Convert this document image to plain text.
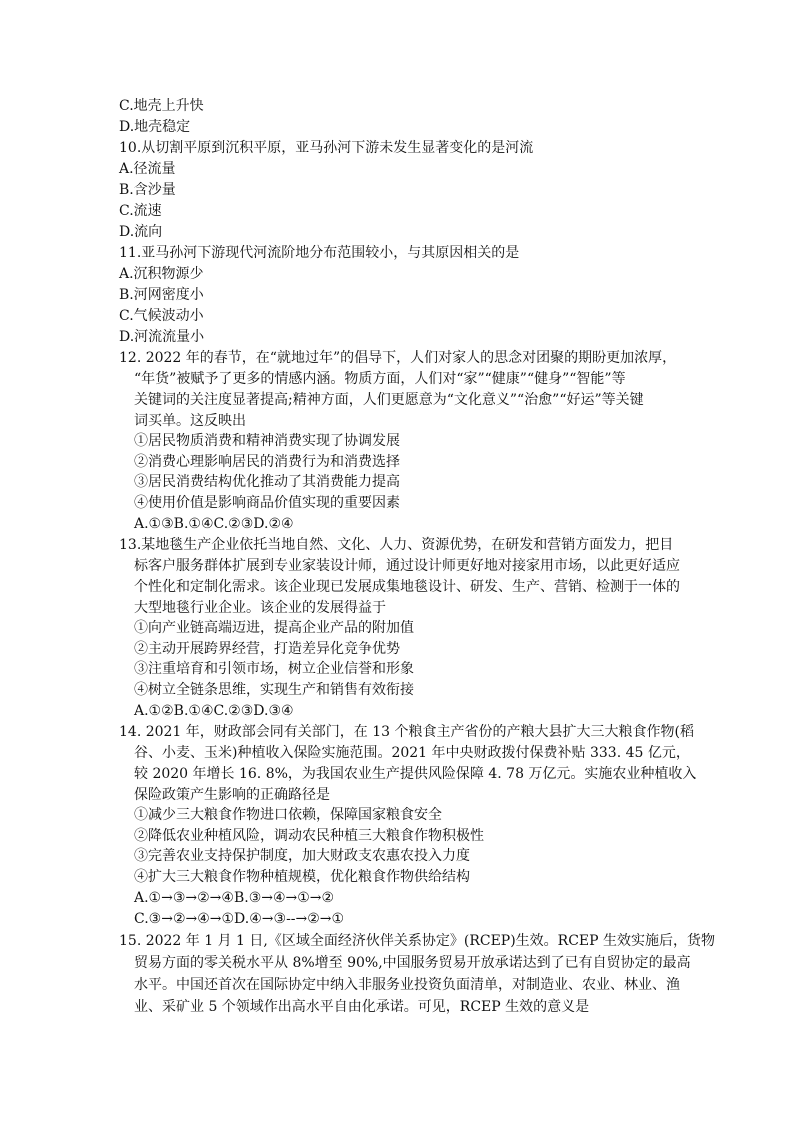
C.地壳上升快
D.地壳稳定
10.从切割平原到沉积平原，亚马孙河下游未发生显著变化的是河流
A.径流量
B.含沙量
C.流速
D.流向
11.亚马孙河下游现代河流阶地分布范围较小，与其原因相关的是
A.沉积物源少
B.河网密度小
C.气候波动小
D.河流流量小
12. 2022 年的春节，在“就地过年”的倡导下，人们对家人的思念对团聚的期盼更加浓厚，
“年货”被赋予了更多的情感内涵。物质方面，人们对“家”“健康”“健身”“智能”等
关键词的关注度显著提高;精神方面，人们更愿意为“文化意义”“治愈”“好运”等关键
词买单。这反映出
①居民物质消费和精神消费实现了协调发展
②消费心理影响居民的消费行为和消费选择
③居民消费结构优化推动了其消费能力提高
④使用价值是影响商品价值实现的重要因素
A.①③B.①④C.②③D.②④
13.某地毯生产企业依托当地自然、文化、人力、资源优势，在研发和营销方面发力，把目
标客户服务群体扩展到专业家装设计师，通过设计师更好地对接家用市场，以此更好适应
个性化和定制化需求。该企业现已发展成集地毯设计、研发、生产、营销、检测于一体的
大型地毯行业企业。该企业的发展得益于
①向产业链高端迈进，提高企业产品的附加值
②主动开展跨界经营，打造差异化竞争优势
③注重培育和引领市场，树立企业信誉和形象
④树立全链条思维，实现生产和销售有效衔接
A.①②B.①④C.②③D.③④
14. 2021 年，财政部会同有关部门，在 13 个粮食主产省份的产粮大县扩大三大粮食作物(稻
谷、小麦、玉米)种植收入保险实施范围。2021 年中央财政拨付保费补贴 333. 45 亿元，
较 2020 年增长 16. 8%，为我国农业生产提供风险保障 4. 78 万亿元。实施农业种植收入
保险政策产生影响的正确路径是
①减少三大粮食作物进口依赖，保障国家粮食安全
②降低农业种植风险，调动农民种植三大粮食作物积极性
③完善农业支持保护制度，加大财政支农惠农投入力度
④扩大三大粮食作物种植规模，优化粮食作物供给结构
A.①→③→②→④B.③→④→①→②
C.③→②→④→①D.④→③--→②→①
15. 2022 年 1 月 1 日,《区域全面经济伙伴关系协定》(RCEP)生效。RCEP 生效实施后，货物
贸易方面的零关税水平从 8%增至 90%,中国服务贸易开放承诺达到了已有自贸协定的最高
水平。中国还首次在国际协定中纳入非服务业投资负面清单，对制造业、农业、林业、渔
业、采矿业 5 个领域作出高水平自由化承诺。可见，RCEP 生效的意义是
